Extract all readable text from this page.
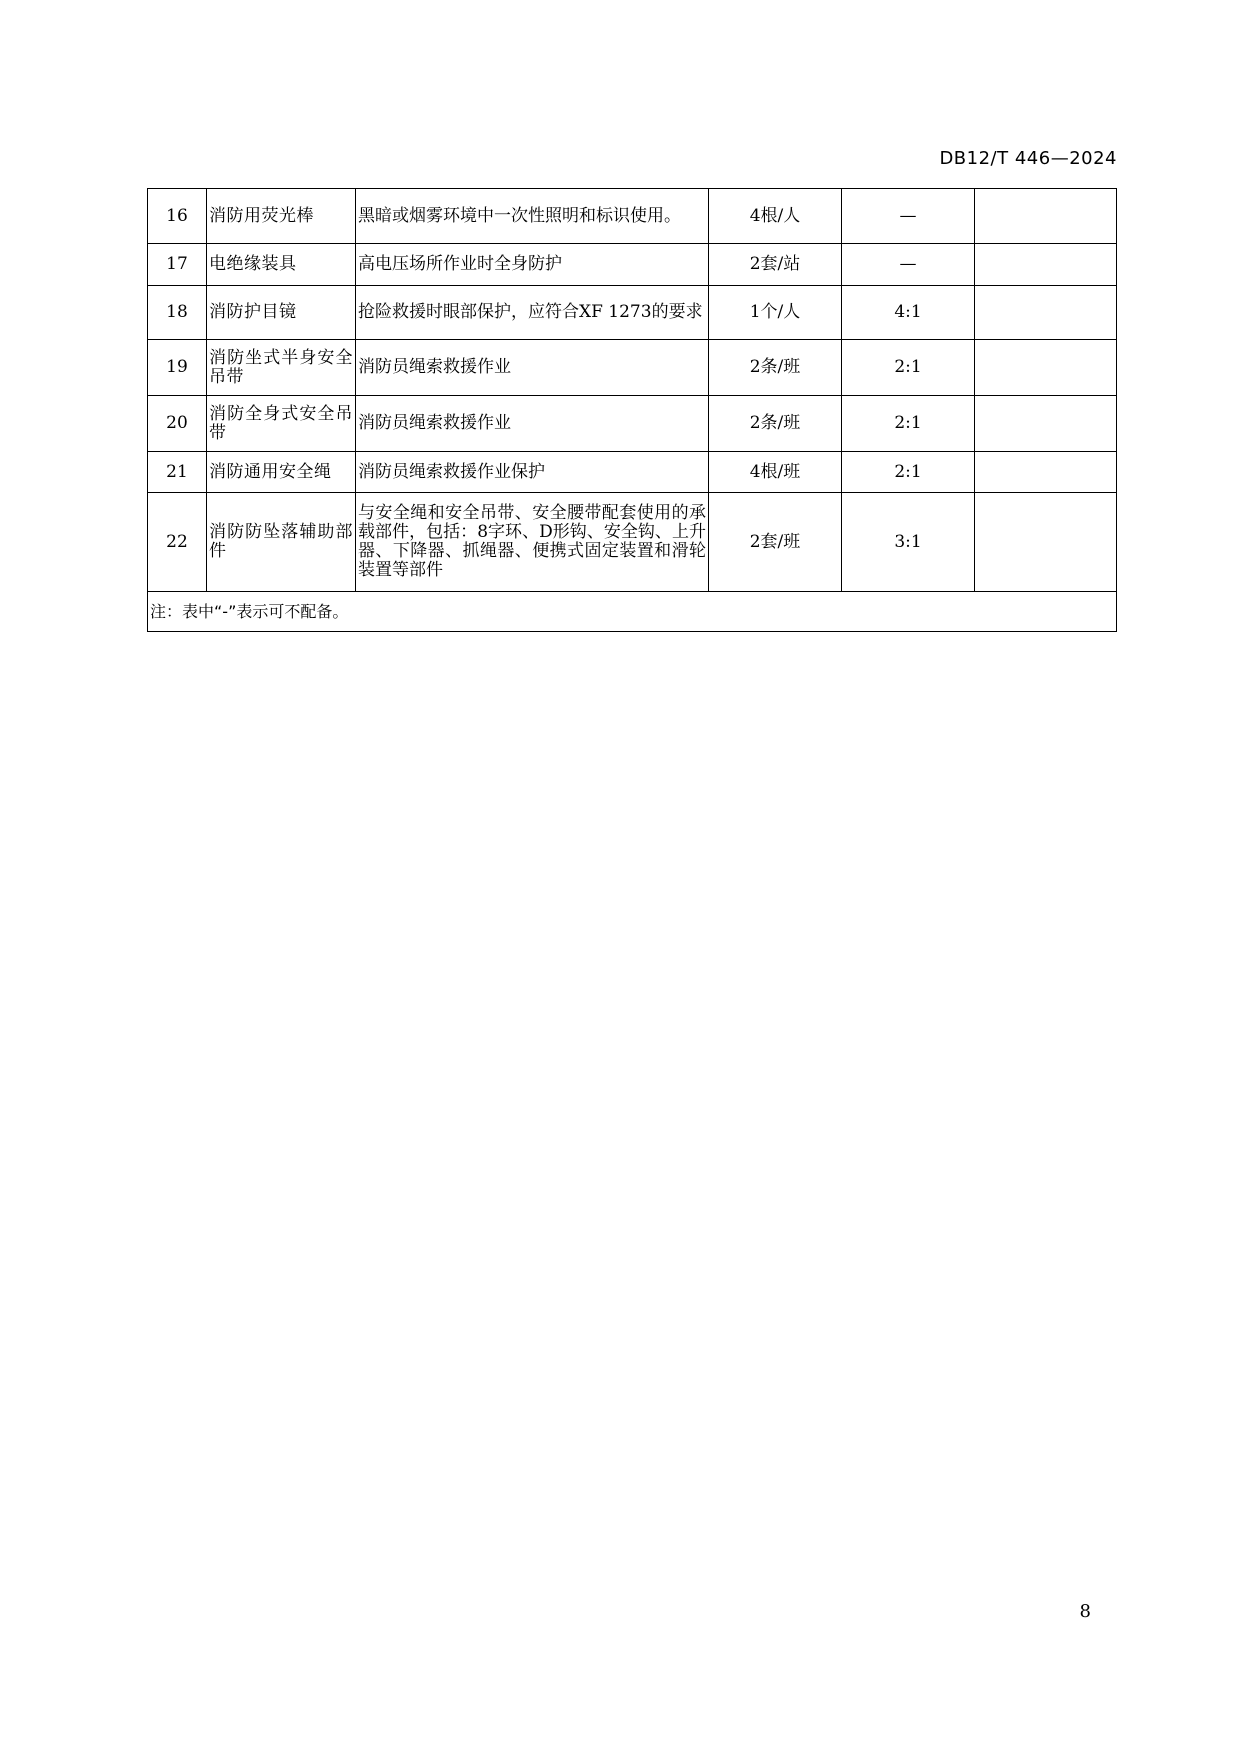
DB12/T 446—2024
16	消防用荧光棒	黑暗或烟雾环境中一次性照明和标识使用。	4根/人	—	
17	电绝缘装具	高电压场所作业时全身防护	2套/站	—	
18	消防护目镜	抢险救援时眼部保护，应符合XF 1273的要求	1个/人	4:1	
19	消防坐式半身安全吊带	消防员绳索救援作业	2条/班	2:1	
20	消防全身式安全吊带	消防员绳索救援作业	2条/班	2:1	
21	消防通用安全绳	消防员绳索救援作业保护	4根/班	2:1	
22	消防防坠落辅助部件	与安全绳和安全吊带、安全腰带配套使用的承载部件，包括：8字环、D形钩、安全钩、上升器、下降器、抓绳器、便携式固定装置和滑轮装置等部件	2套/班	3:1	
注：表中“-”表示可不配备。					
8
